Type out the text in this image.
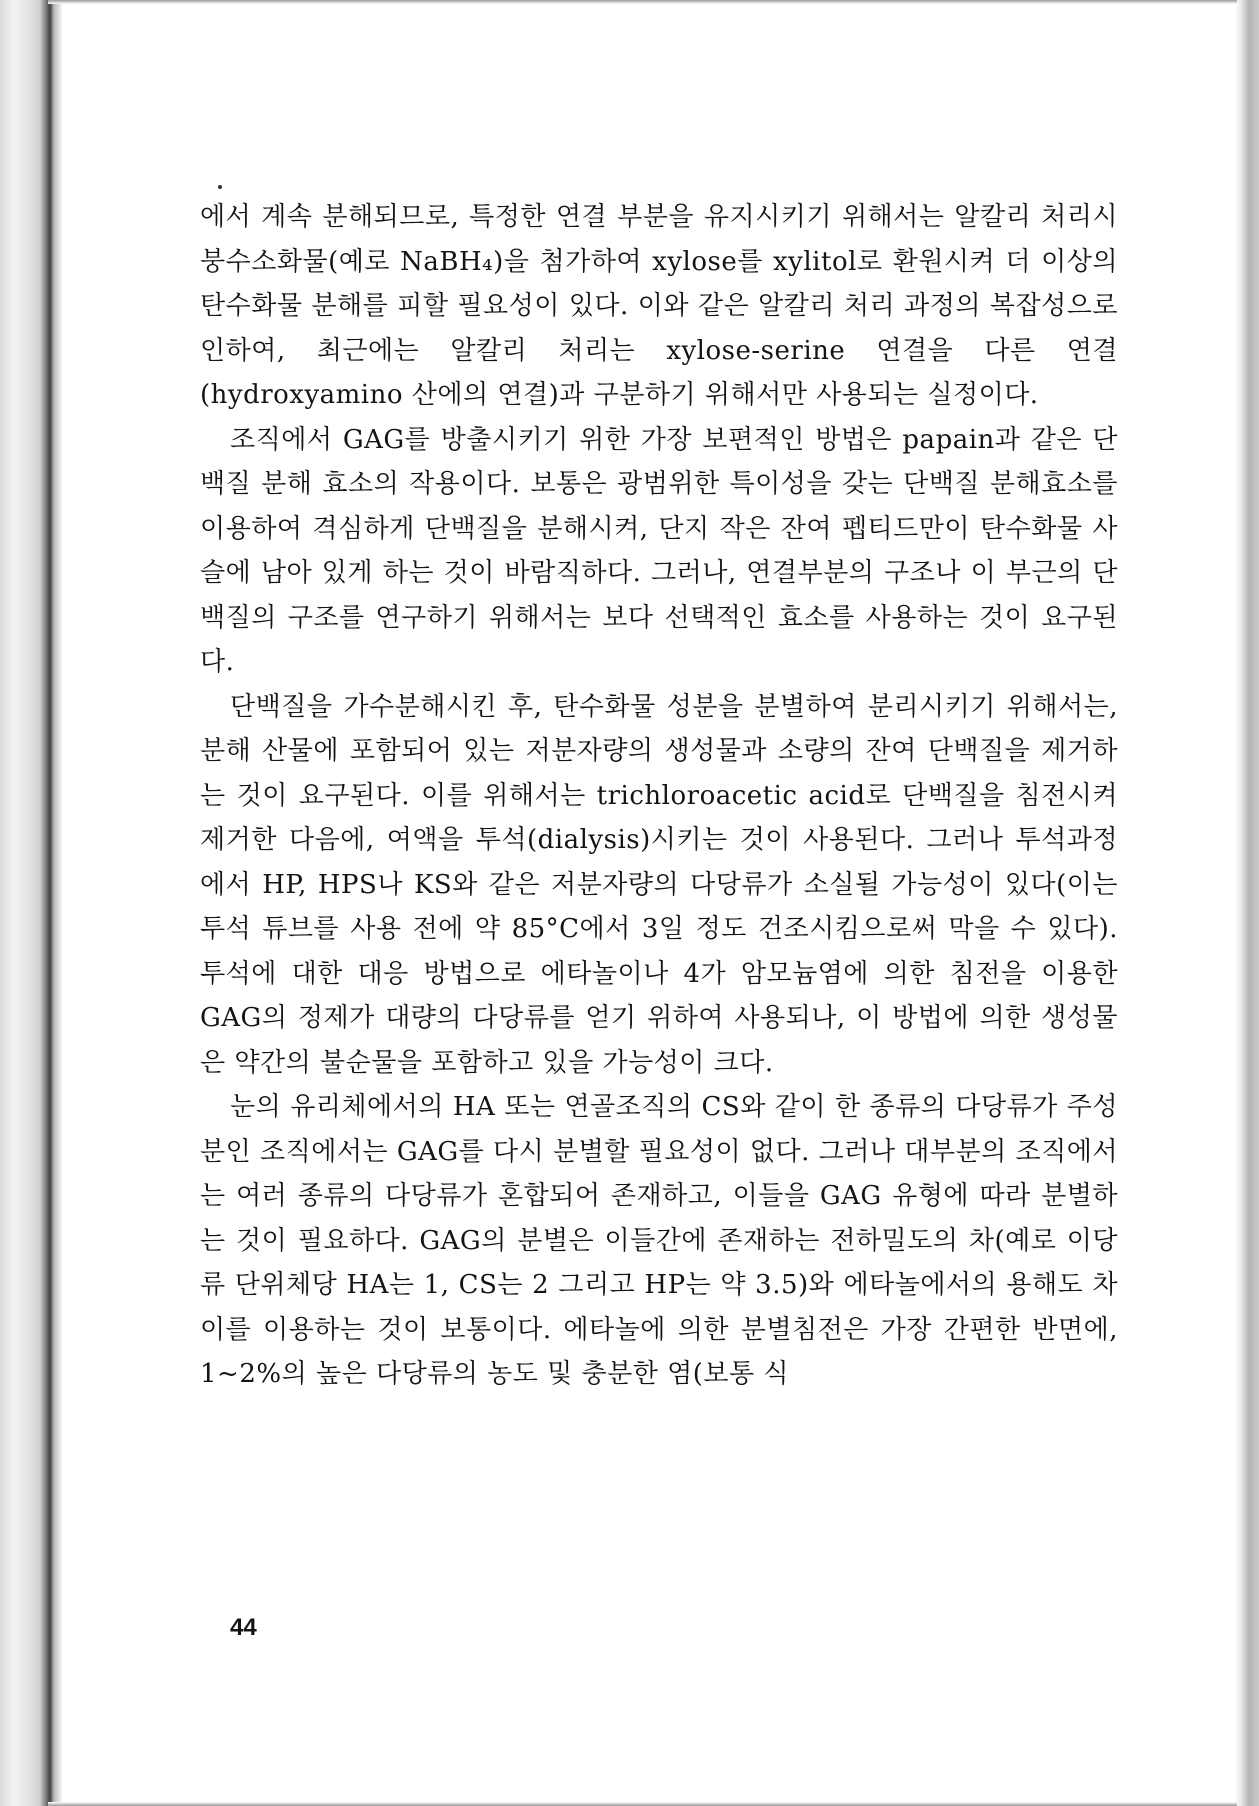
에서 계속 분해되므로, 특정한 연결 부분을 유지시키기 위해서는 알칼리 처리시 붕수소화물(예로 NaBH₄)을 첨가하여 xylose를 xylitol로 환원시켜 더 이상의 탄수화물 분해를 피할 필요성이 있다. 이와 같은 알칼리 처리 과정의 복잡성으로 인하여, 최근에는 알칼리 처리는 xylose-serine 연결을 다른 연결(hydroxyamino 산에의 연결)과 구분하기 위해서만 사용되는 실정이다.

조직에서 GAG를 방출시키기 위한 가장 보편적인 방법은 papain과 같은 단백질 분해 효소의 작용이다. 보통은 광범위한 특이성을 갖는 단백질 분해효소를 이용하여 격심하게 단백질을 분해시켜, 단지 작은 잔여 펩티드만이 탄수화물 사슬에 남아 있게 하는 것이 바람직하다. 그러나, 연결부분의 구조나 이 부근의 단백질의 구조를 연구하기 위해서는 보다 선택적인 효소를 사용하는 것이 요구된다.

단백질을 가수분해시킨 후, 탄수화물 성분을 분별하여 분리시키기 위해서는, 분해 산물에 포함되어 있는 저분자량의 생성물과 소량의 잔여 단백질을 제거하는 것이 요구된다. 이를 위해서는 trichloroacetic acid로 단백질을 침전시켜 제거한 다음에, 여액을 투석(dialysis)시키는 것이 사용된다. 그러나 투석과정에서 HP, HPS나 KS와 같은 저분자량의 다당류가 소실될 가능성이 있다(이는 투석 튜브를 사용 전에 약 85°C에서 3일 정도 건조시킴으로써 막을 수 있다). 투석에 대한 대응 방법으로 에타놀이나 4가 암모늄염에 의한 침전을 이용한 GAG의 정제가 대량의 다당류를 얻기 위하여 사용되나, 이 방법에 의한 생성물은 약간의 불순물을 포함하고 있을 가능성이 크다.

눈의 유리체에서의 HA 또는 연골조직의 CS와 같이 한 종류의 다당류가 주성분인 조직에서는 GAG를 다시 분별할 필요성이 없다. 그러나 대부분의 조직에서는 여러 종류의 다당류가 혼합되어 존재하고, 이들을 GAG 유형에 따라 분별하는 것이 필요하다. GAG의 분별은 이들간에 존재하는 전하밀도의 차(예로 이당류 단위체당 HA는 1, CS는 2 그리고 HP는 약 3.5)와 에타놀에서의 용해도 차이를 이용하는 것이 보통이다. 에타놀에 의한 분별침전은 가장 간편한 반면에, 1~2%의 높은 다당류의 농도 및 충분한 염(보통 식

44
